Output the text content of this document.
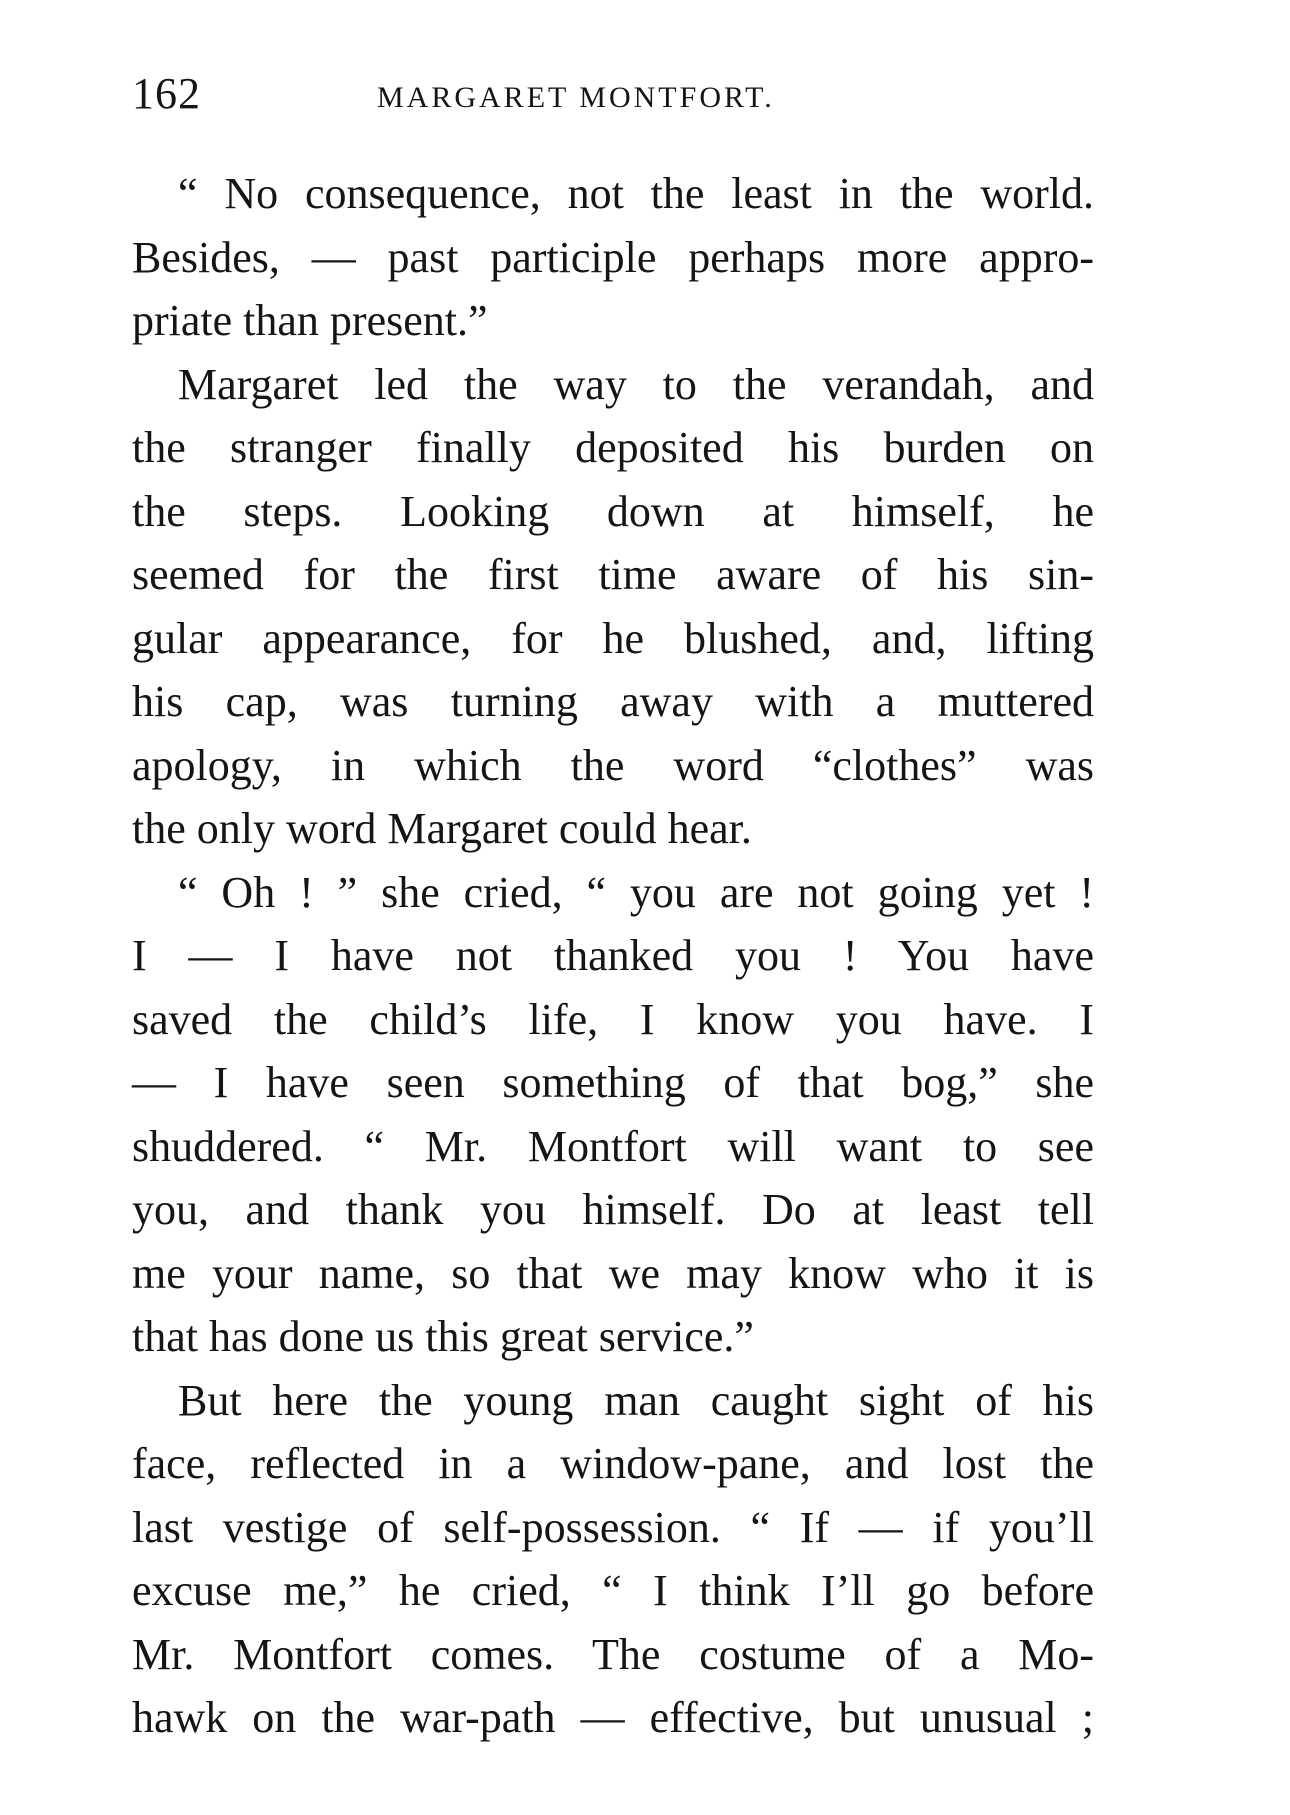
162	MARGARET MONTFORT.
“ No consequence, not the least in the world.
Besides, — past participle perhaps more appro-
priate than present.”
Margaret led the way to the verandah, and
the stranger finally deposited his burden on
the steps. Looking down at himself, he
seemed for the first time aware of his sin-
gular appearance, for he blushed, and, lifting
his cap, was turning away with a muttered
apology, in which the word “clothes” was
the only word Margaret could hear.
“ Oh ! ” she cried, “ you are not going yet !
I — I have not thanked you ! You have
saved the child’s life, I know you have. I
— I have seen something of that bog,” she
shuddered. “ Mr. Montfort will want to see
you, and thank you himself. Do at least tell
me your name, so that we may know who it is
that has done us this great service.”
But here the young man caught sight of his
face, reflected in a window-pane, and lost the
last vestige of self-possession. “ If — if you’ll
excuse me,” he cried, “ I think I’ll go before
Mr. Montfort comes. The costume of a Mo-
hawk on the war-path — effective, but unusual ;
